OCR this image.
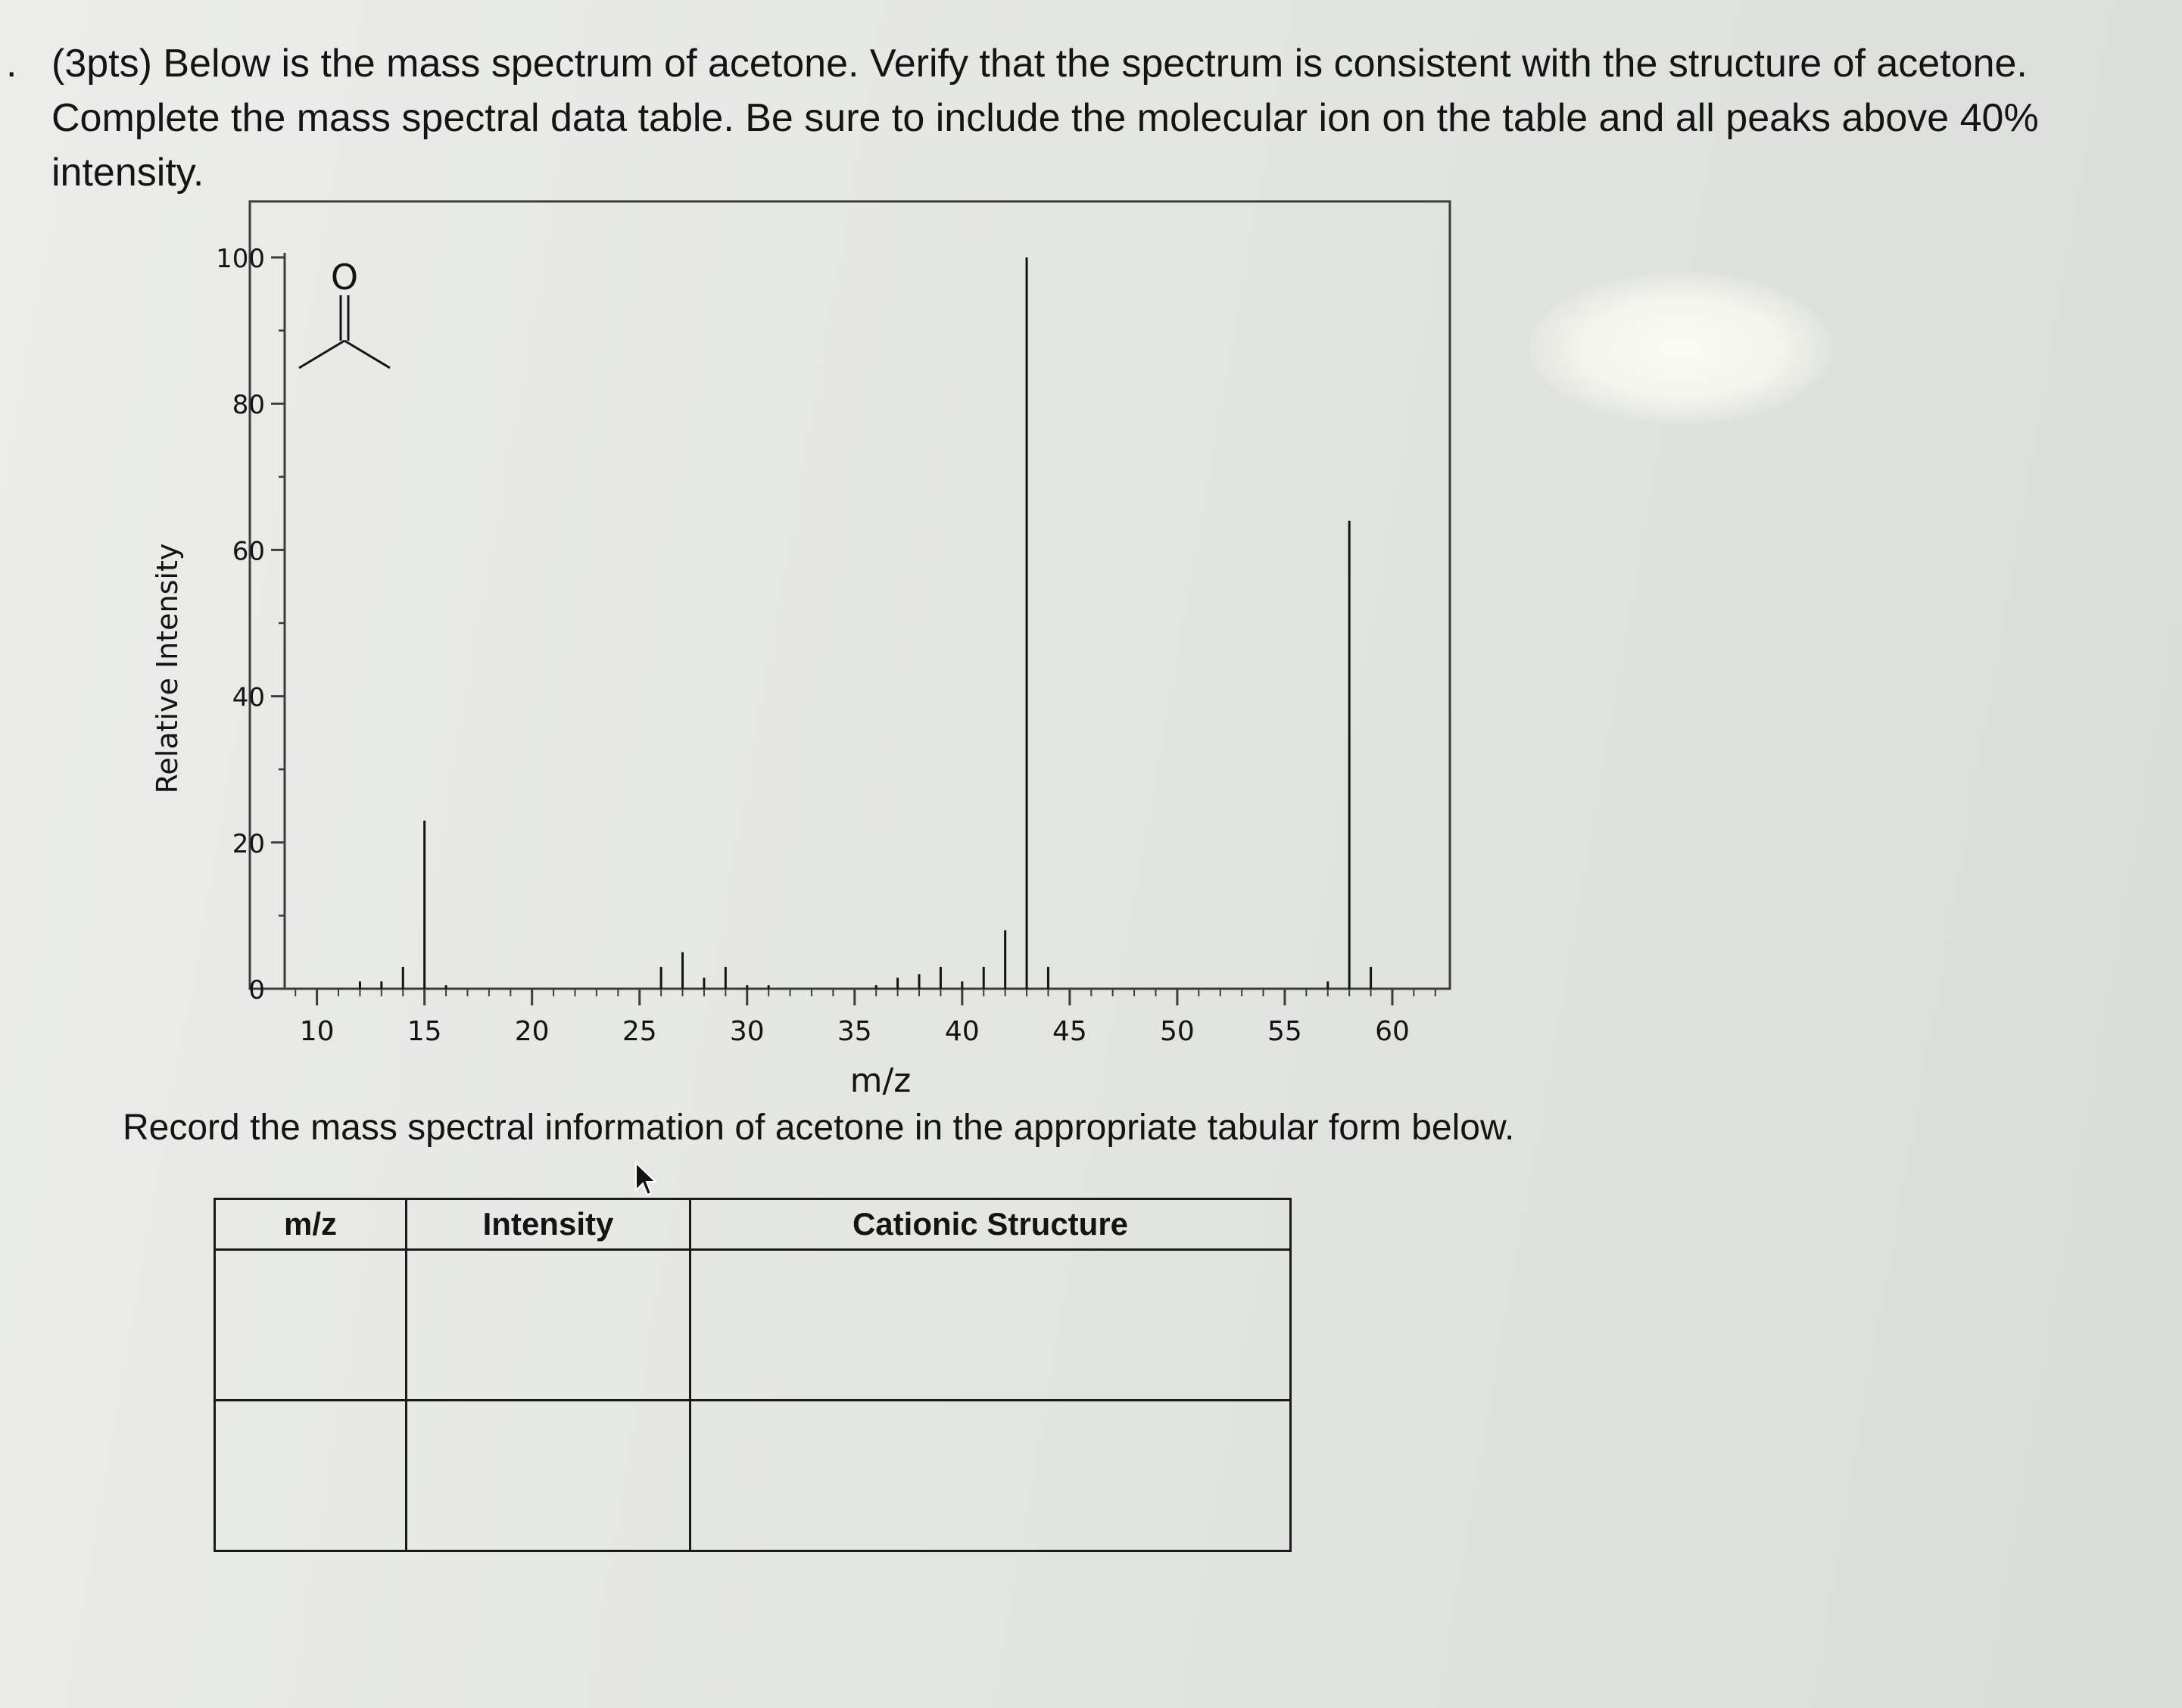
. (3pts) Below is the mass spectrum of acetone. Verify that the spectrum is consistent with the structure of acetone.
Complete the mass spectral data table. Be sure to include the molecular ion on the table and all peaks above 40%
intensity.

0
20
40
60
80
100
10	15	20	25	30	35	40	45	50	55	60
m/z
Relative Intensity
O
Record the mass spectral information of acetone in the appropriate tabular form below.
m/z	Intensity	Cationic Structure
